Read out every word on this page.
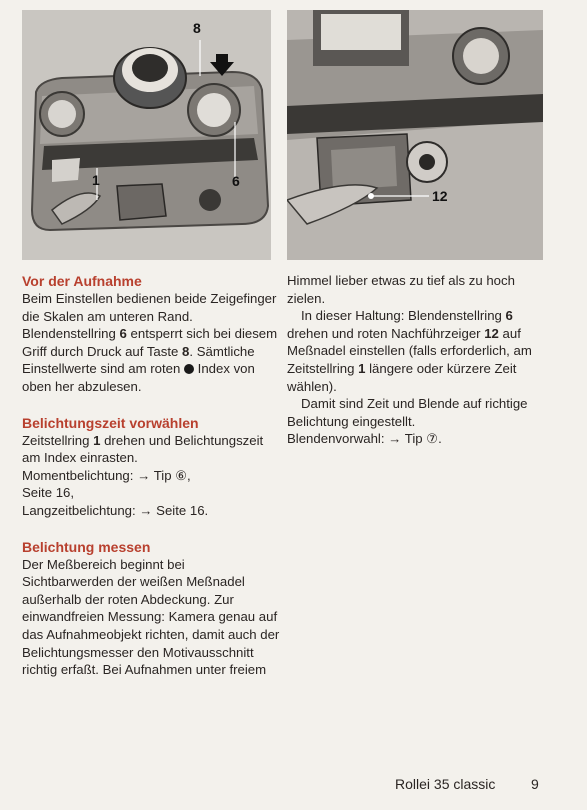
8
1	6
12

Vor der Aufnahme

Beim Einstellen bedienen beide Zeigefinger die Skalen am unteren Rand. Blendenstellring 6 entsperrt sich bei diesem Griff durch Druck auf Taste 8. Sämtliche Einstellwerte sind am roten  Index von oben her abzulesen.

Belichtungszeit vorwählen

Zeitstellring 1 drehen und Belichtungszeit am Index einrasten.

Momentbelichtung: → Tip ⑥,

Seite 16,

Langzeitbelichtung: → Seite 16.

Belichtung messen

Der Meßbereich beginnt bei Sichtbarwerden der weißen Meßnadel außerhalb der roten Abdeckung. Zur einwandfreien Messung: Kamera genau auf das Aufnahmeobjekt richten, damit auch der Belichtungsmesser den Motivausschnitt richtig erfaßt. Bei Aufnahmen unter freiem

Himmel lieber etwas zu tief als zu hoch zielen.

In dieser Haltung: Blendenstellring 6 drehen und roten Nachführzeiger 12 auf Meßnadel einstellen (falls erforderlich, am Zeitstellring 1 längere oder kürzere Zeit wählen).

Damit sind Zeit und Blende auf richtige Belichtung eingestellt.

Blendenvorwahl: → Tip ⑦.

Rollei 35 classic	9
